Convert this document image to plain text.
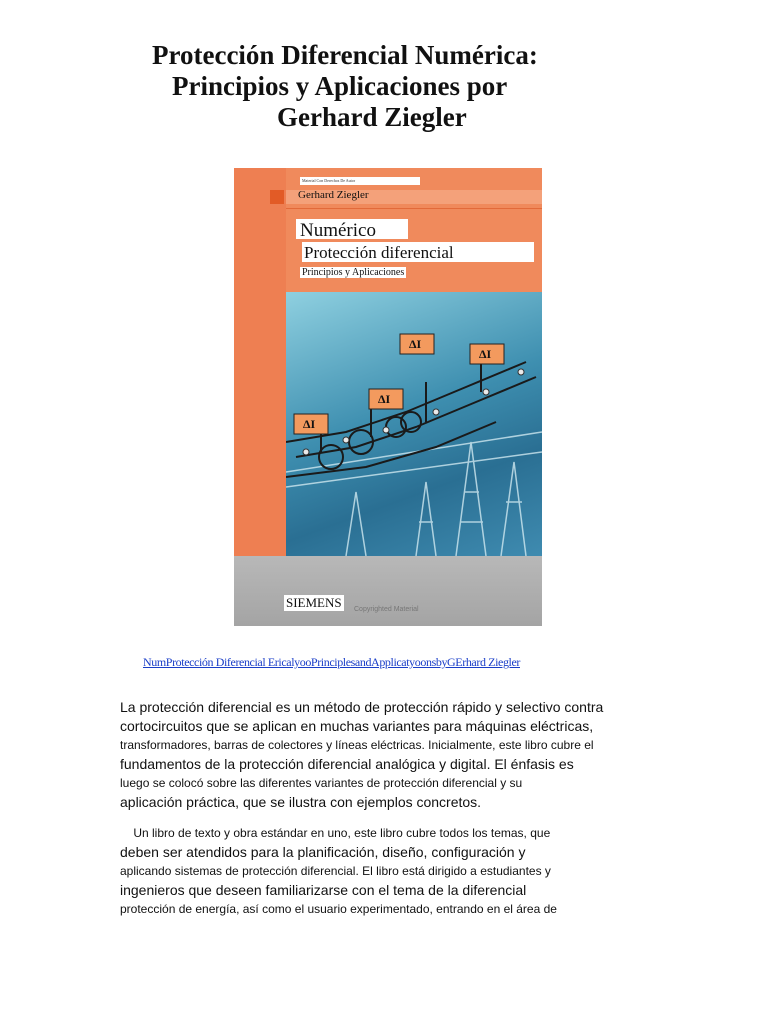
Protección Diferencial Numérica:
Principios y Aplicaciones por
Gerhard Ziegler
Material Con Derechos De Autor
Gerhard Ziegler
Numérico
Protección diferencial
Principios y Aplicaciones
ΔI
ΔI
ΔI
ΔI
SIEMENS Copyrighted Material
NumProtección Diferencial EricalyooPrinciplesandApplicatyoonsbyGErhard Ziegler
La protección diferencial es un método de protección rápido y selectivo contra
cortocircuitos que se aplican en muchas variantes para máquinas eléctricas,
transformadores, barras de colectores y líneas eléctricas. Inicialmente, este libro cubre el
fundamentos de la protección diferencial analógica y digital. El énfasis es
luego se colocó sobre las diferentes variantes de protección diferencial y su
aplicación práctica, que se ilustra con ejemplos concretos.
Un libro de texto y obra estándar en uno, este libro cubre todos los temas, que
deben ser atendidos para la planificación, diseño, configuración y
aplicando sistemas de protección diferencial. El libro está dirigido a estudiantes y
ingenieros que deseen familiarizarse con el tema de la diferencial
protección de energía, así como el usuario experimentado, entrando en el área de
